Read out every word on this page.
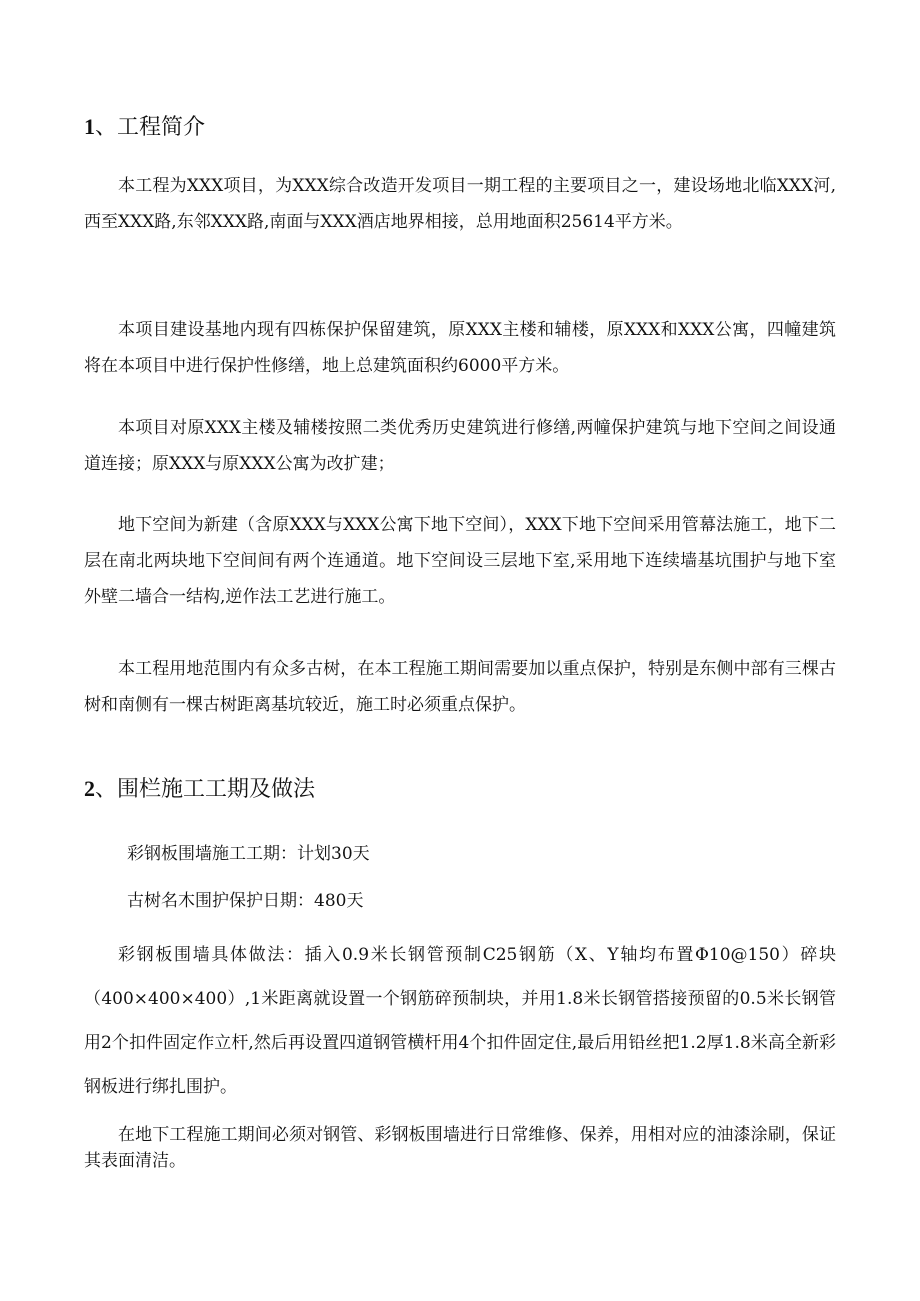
1、工程简介

本工程为XXX项目，为XXX综合改造开发项目一期工程的主要项目之一，建设场地北临XXX河,西至XXX路,东邻XXX路,南面与XXX酒店地界相接，总用地面积25614平方米。

本项目建设基地内现有四栋保护保留建筑，原XXX主楼和辅楼，原XXX和XXX公寓，四幢建筑将在本项目中进行保护性修缮，地上总建筑面积约6000平方米。

本项目对原XXX主楼及辅楼按照二类优秀历史建筑进行修缮,两幢保护建筑与地下空间之间设通道连接；原XXX与原XXX公寓为改扩建；

地下空间为新建（含原XXX与XXX公寓下地下空间），XXX下地下空间采用管幕法施工，地下二层在南北两块地下空间间有两个连通道。地下空间设三层地下室,采用地下连续墙基坑围护与地下室外壁二墙合一结构,逆作法工艺进行施工。

本工程用地范围内有众多古树，在本工程施工期间需要加以重点保护，特别是东侧中部有三棵古树和南侧有一棵古树距离基坑较近，施工时必须重点保护。

2、围栏施工工期及做法
彩钢板围墙施工工期：计划30天
古树名木围护保护日期：480天

彩钢板围墙具体做法：插入0.9米长钢管预制C25钢筋（X、Y轴均布置Φ10@150）碎块（400×400×400）,1米距离就设置一个钢筋碎预制块，并用1.8米长钢管搭接预留的0.5米长钢管用2个扣件固定作立杆,然后再设置四道钢管横杆用4个扣件固定住,最后用铅丝把1.2厚1.8米高全新彩钢板进行绑扎围护。

在地下工程施工期间必须对钢管、彩钢板围墙进行日常维修、保养，用相对应的油漆涂刷，保证其表面清洁。
